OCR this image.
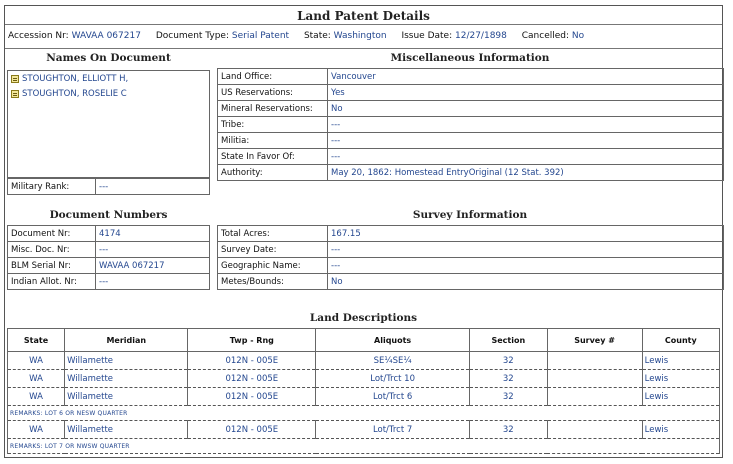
Land Patent Details
Accession Nr: WAVAA 067217 Document Type: Serial Patent State: Washington Issue Date: 12/27/1898 Cancelled: No
Names On Document
STOUGHTON, ELLIOTT H,
STOUGHTON, ROSELIE C
Military Rank:	---
Miscellaneous Information
Land Office:	Vancouver
US Reservations:	Yes
Mineral Reservations:	No
Tribe:	---
Militia:	---
State In Favor Of:	---
Authority:	May 20, 1862: Homestead EntryOriginal (12 Stat. 392)
Document Numbers
Document Nr:	4174
Misc. Doc. Nr:	---
BLM Serial Nr:	WAVAA 067217
Indian Allot. Nr:	---
Survey Information
Total Acres:	167.15
Survey Date:	---
Geographic Name:	---
Metes/Bounds:	No
Land Descriptions
State	Meridian	Twp - Rng	Aliquots	Section	Survey #	County
WA	Willamette	012N - 005E	SE¼SE¼	32		Lewis
WA	Willamette	012N - 005E	Lot/Trct 10	32		Lewis
WA	Willamette	012N - 005E	Lot/Trct 6	32		Lewis
REMARKS: LOT 6 OR NESW QUARTER						
WA	Willamette	012N - 005E	Lot/Trct 7	32		Lewis
REMARKS: LOT 7 OR NWSW QUARTER						
